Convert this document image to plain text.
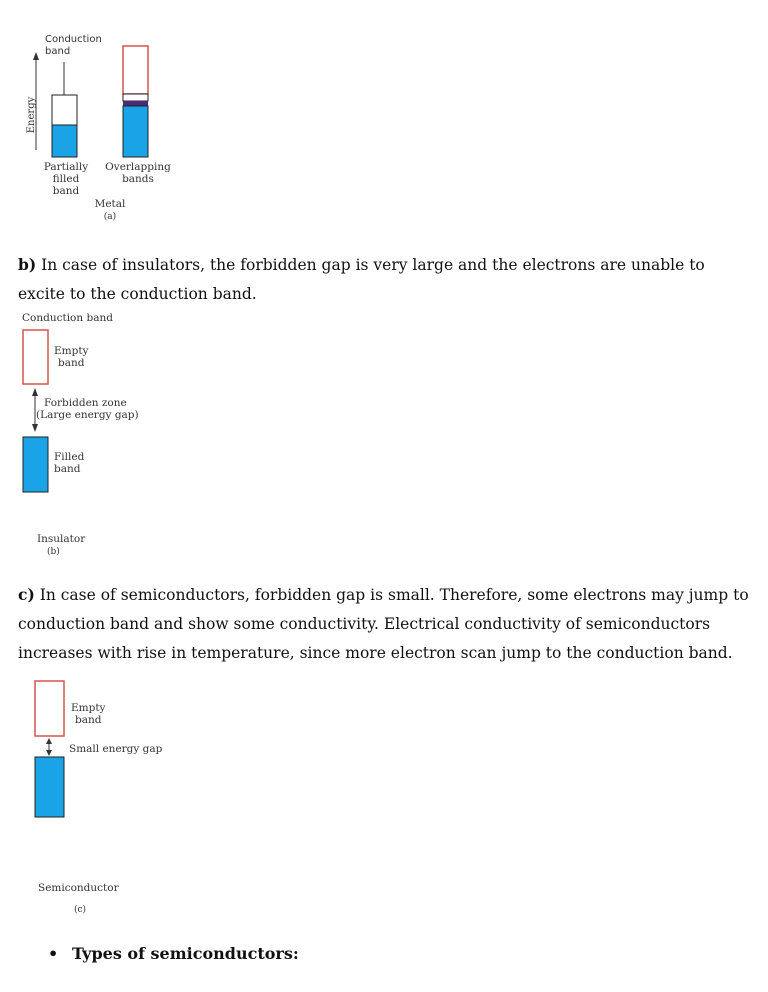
Conduction
band
Energy
Partially
filled
band
Overlapping
bands
Metal
(a)
b) In case of insulators, the forbidden gap is very large and the electrons are unable to excite to the conduction band.
Conduction band
Empty
band
Forbidden zone
(Large energy gap)
Filled
band
Insulator
(b)
c) In case of semiconductors, forbidden gap is small. Therefore, some electrons may jump to conduction band and show some conductivity. Electrical conductivity of semiconductors increases with rise in temperature, since more electron scan jump to the conduction band.
Empty
band
Small energy gap
Semiconductor
(c)
• Types of semiconductors:
